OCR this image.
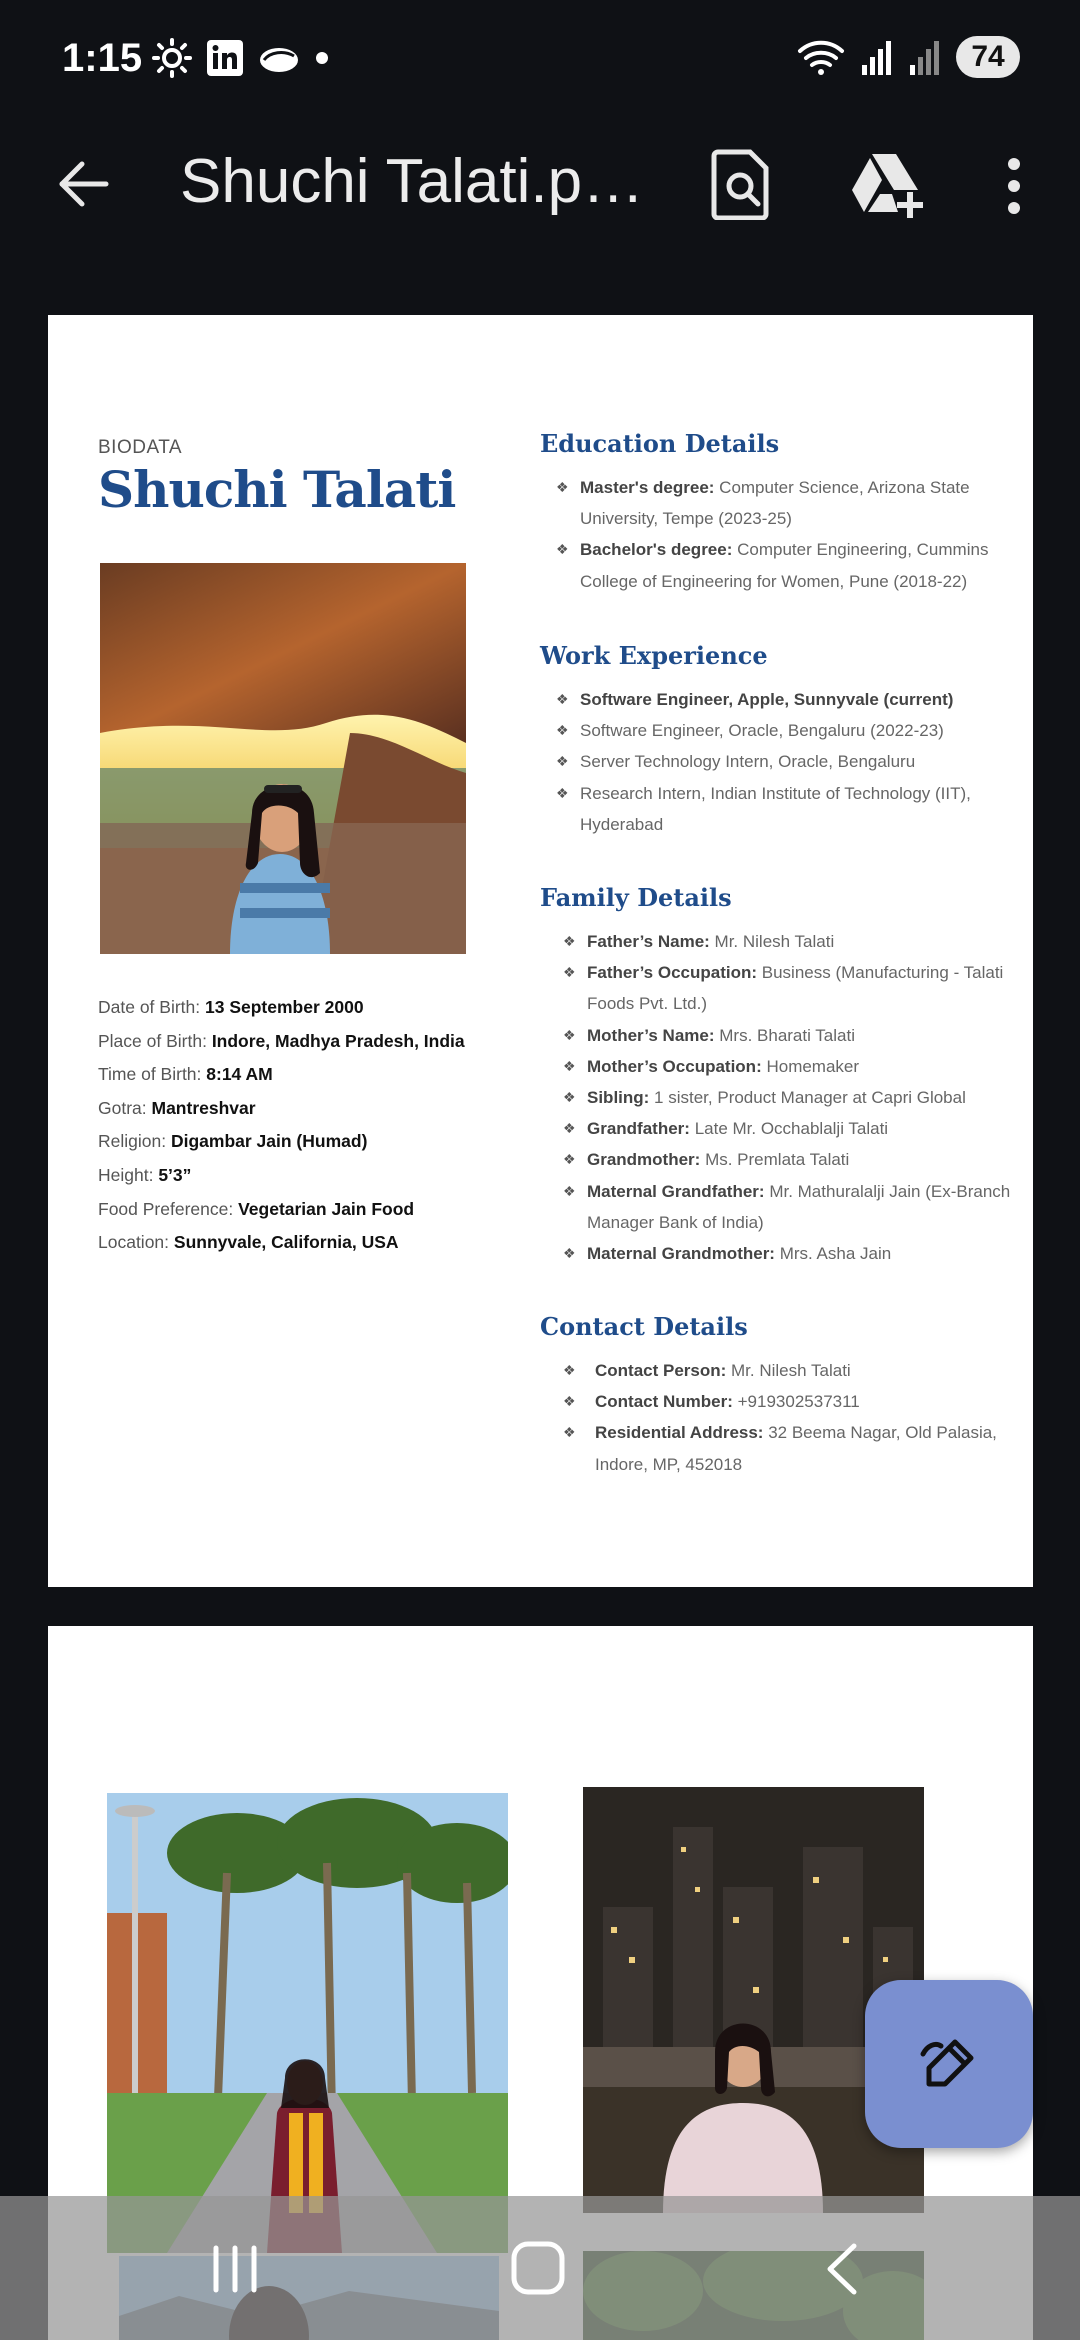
1:15	74
Shuchi Talati.p…
BIODATA
Shuchi Talati
Date of Birth: 13 September 2000
Place of Birth: Indore, Madhya Pradesh, India
Time of Birth: 8:14 AM
Gotra: Mantreshvar
Religion: Digambar Jain (Humad)
Height: 5’3”
Food Preference: Vegetarian Jain Food
Location: Sunnyvale, California, USA
Education Details
❖ Master's degree: Computer Science, Arizona State University, Tempe (2023-25)
❖ Bachelor's degree: Computer Engineering, Cummins College of Engineering for Women, Pune (2018-22)
Work Experience
❖ Software Engineer, Apple, Sunnyvale (current)
❖ Software Engineer, Oracle, Bengaluru (2022-23)
❖ Server Technology Intern, Oracle, Bengaluru
❖ Research Intern, Indian Institute of Technology (IIT), Hyderabad
Family Details
❖ Father’s Name: Mr. Nilesh Talati
❖ Father’s Occupation: Business (Manufacturing - Talati Foods Pvt. Ltd.)
❖ Mother’s Name: Mrs. Bharati Talati
❖ Mother’s Occupation: Homemaker
❖ Sibling: 1 sister, Product Manager at Capri Global
❖ Grandfather: Late Mr. Occhablalji Talati
❖ Grandmother: Ms. Premlata Talati
❖ Maternal Grandfather: Mr. Mathuralalji Jain (Ex-Branch Manager Bank of India)
❖ Maternal Grandmother: Mrs. Asha Jain
Contact Details
❖ Contact Person: Mr. Nilesh Talati
❖ Contact Number: +919302537311
❖ Residential Address: 32 Beema Nagar, Old Palasia, Indore, MP, 452018
